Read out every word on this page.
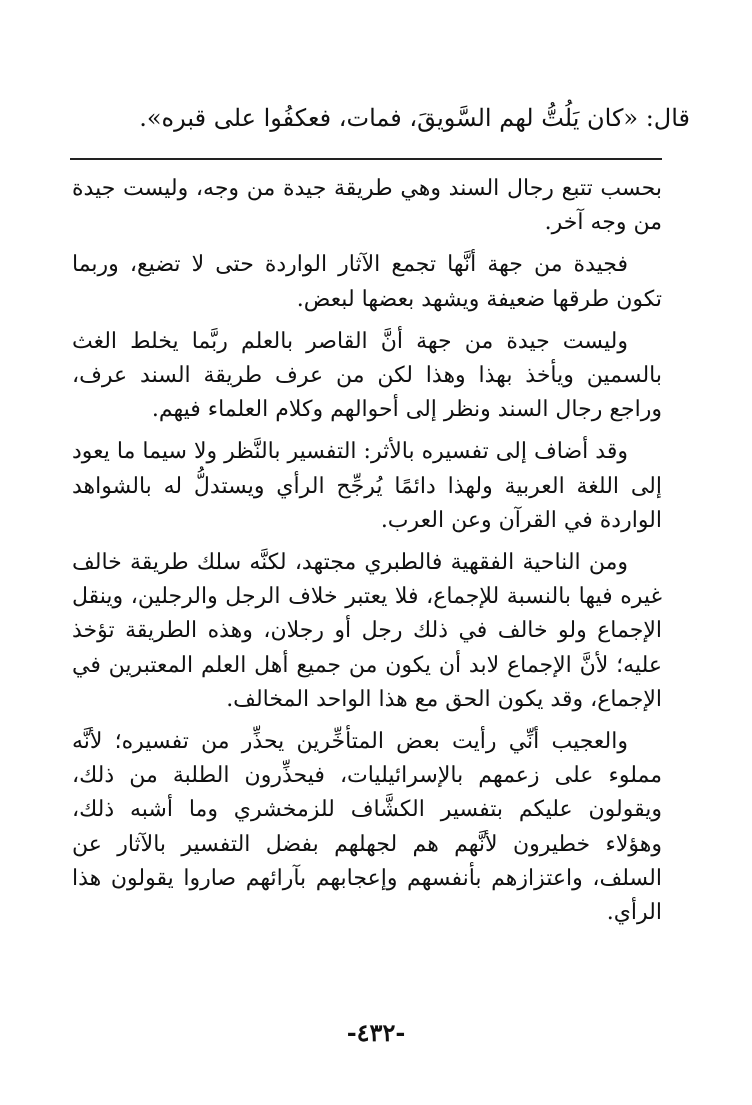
قال: «كان يَلُتُّ لهم السَّويقَ، فمات، فعكفُوا على قبره».

بحسب تتبع رجال السند وهي طريقة جيدة من وجه، وليست جيدة من وجه آخر.

فجيدة من جهة أنَّها تجمع الآثار الواردة حتى لا تضيع، وربما تكون طرقها ضعيفة ويشهد بعضها لبعض.

وليست جيدة من جهة أنَّ القاصر بالعلم ربَّما يخلط الغث بالسمين ويأخذ بهذا وهذا لكن من عرف طريقة السند عرف، وراجع رجال السند ونظر إلى أحوالهم وكلام العلماء فيهم.

وقد أضاف إلى تفسيره بالأثر: التفسير بالنَّظر ولا سيما ما يعود إلى اللغة العربية ولهذا دائمًا يُرجِّح الرأي ويستدلُّ له بالشواهد الواردة في القرآن وعن العرب.

ومن الناحية الفقهية فالطبري مجتهد، لكنَّه سلك طريقة خالف غيره فيها بالنسبة للإجماع، فلا يعتبر خلاف الرجل والرجلين، وينقل الإجماع ولو خالف في ذلك رجل أو رجلان، وهذه الطريقة تؤخذ عليه؛ لأنَّ الإجماع لابد أن يكون من جميع أهل العلم المعتبرين في الإجماع، وقد يكون الحق مع هذا الواحد المخالف.

والعجيب أنِّي رأيت بعض المتأخِّرين يحذِّر من تفسيره؛ لأنَّه مملوء على زعمهم بالإسرائيليات، فيحذِّرون الطلبة من ذلك، ويقولون عليكم بتفسير الكشَّاف للزمخشري وما أشبه ذلك، وهؤلاء خطيرون لأنَّهم هم لجهلهم بفضل التفسير بالآثار عن السلف، واعتزازهم بأنفسهم وإعجابهم بآرائهم صاروا يقولون هذا الرأي.

-٤٣٢-
